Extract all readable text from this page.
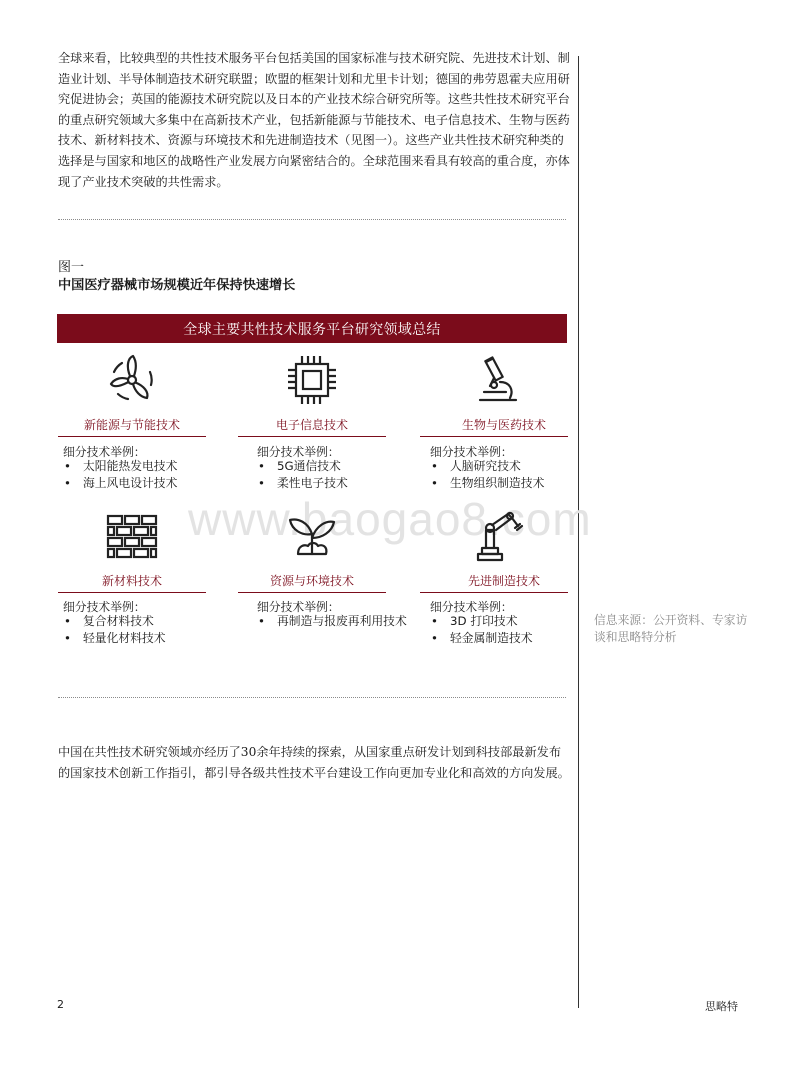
全球来看，比较典型的共性技术服务平台包括美国的国家标准与技术研究院、先进技术计划、制造业计划、半导体制造技术研究联盟；欧盟的框架计划和尤里卡计划；德国的弗劳恩霍夫应用研究促进协会；英国的能源技术研究院以及日本的产业技术综合研究所等。这些共性技术研究平台的重点研究领域大多集中在高新技术产业，包括新能源与节能技术、电子信息技术、生物与医药技术、新材料技术、资源与环境技术和先进制造技术（见图一）。这些产业共性技术研究种类的选择是与国家和地区的战略性产业发展方向紧密结合的。全球范围来看具有较高的重合度，亦体现了产业技术突破的共性需求。

图一

中国医疗器械市场规模近年保持快速增长

全球主要共性技术服务平台研究领域总结
新能源与节能技术
细分技术举例：
• 太阳能热发电技术
• 海上风电设计技术
电子信息技术
细分技术举例：
• 5G通信技术
• 柔性电子技术
生物与医药技术
细分技术举例：
• 人脑研究技术
• 生物组织制造技术
www.baogao8.com
新材料技术
细分技术举例：
• 复合材料技术
• 轻量化材料技术
资源与环境技术
细分技术举例：
• 再制造与报废再利用技术
先进制造技术
细分技术举例：
• 3D 打印技术
• 轻金属制造技术

信息来源：公开资料、专家访谈和思略特分析

中国在共性技术研究领域亦经历了30余年持续的探索，从国家重点研发计划到科技部最新发布的国家技术创新工作指引，都引导各级共性技术平台建设工作向更加专业化和高效的方向发展。

2	思略特
